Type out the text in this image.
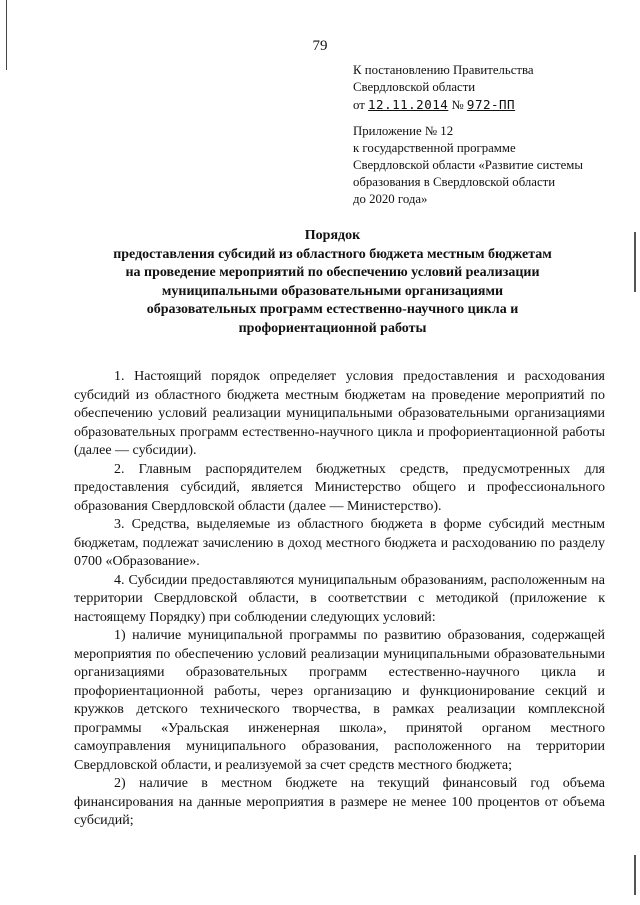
79
К постановлению Правительства
Свердловской области
от 12.11.2014 № 972-ПП
Приложение № 12
к государственной программе
Свердловской области «Развитие системы
образования в Свердловской области
до 2020 года»
Порядок
предоставления субсидий из областного бюджета местным бюджетам
на проведение мероприятий по обеспечению условий реализации
муниципальными образовательными организациями
образовательных программ естественно-научного цикла и
профориентационной работы

1. Настоящий порядок определяет условия предоставления и расходования субсидий из областного бюджета местным бюджетам на проведение мероприятий по обеспечению условий реализации муниципальными образовательными организациями образовательных программ естественно-научного цикла и профориентационной работы (далее — субсидии).

2. Главным распорядителем бюджетных средств, предусмотренных для предоставления субсидий, является Министерство общего и профессионального образования Свердловской области (далее — Министерство).

3. Средства, выделяемые из областного бюджета в форме субсидий местным бюджетам, подлежат зачислению в доход местного бюджета и расходованию по разделу 0700 «Образование».

4. Субсидии предоставляются муниципальным образованиям, расположенным на территории Свердловской области, в соответствии с методикой (приложение к настоящему Порядку) при соблюдении следующих условий:

1) наличие муниципальной программы по развитию образования, содержащей мероприятия по обеспечению условий реализации муниципальными образовательными организациями образовательных программ естественно-научного цикла и профориентационной работы, через организацию и функционирование секций и кружков детского технического творчества, в рамках реализации комплексной программы «Уральская инженерная школа», принятой органом местного самоуправления муниципального образования, расположенного на территории Свердловской области, и реализуемой за счет средств местного бюджета;

2) наличие в местном бюджете на текущий финансовый год объема финансирования на данные мероприятия в размере не менее 100 процентов от объема субсидий;
